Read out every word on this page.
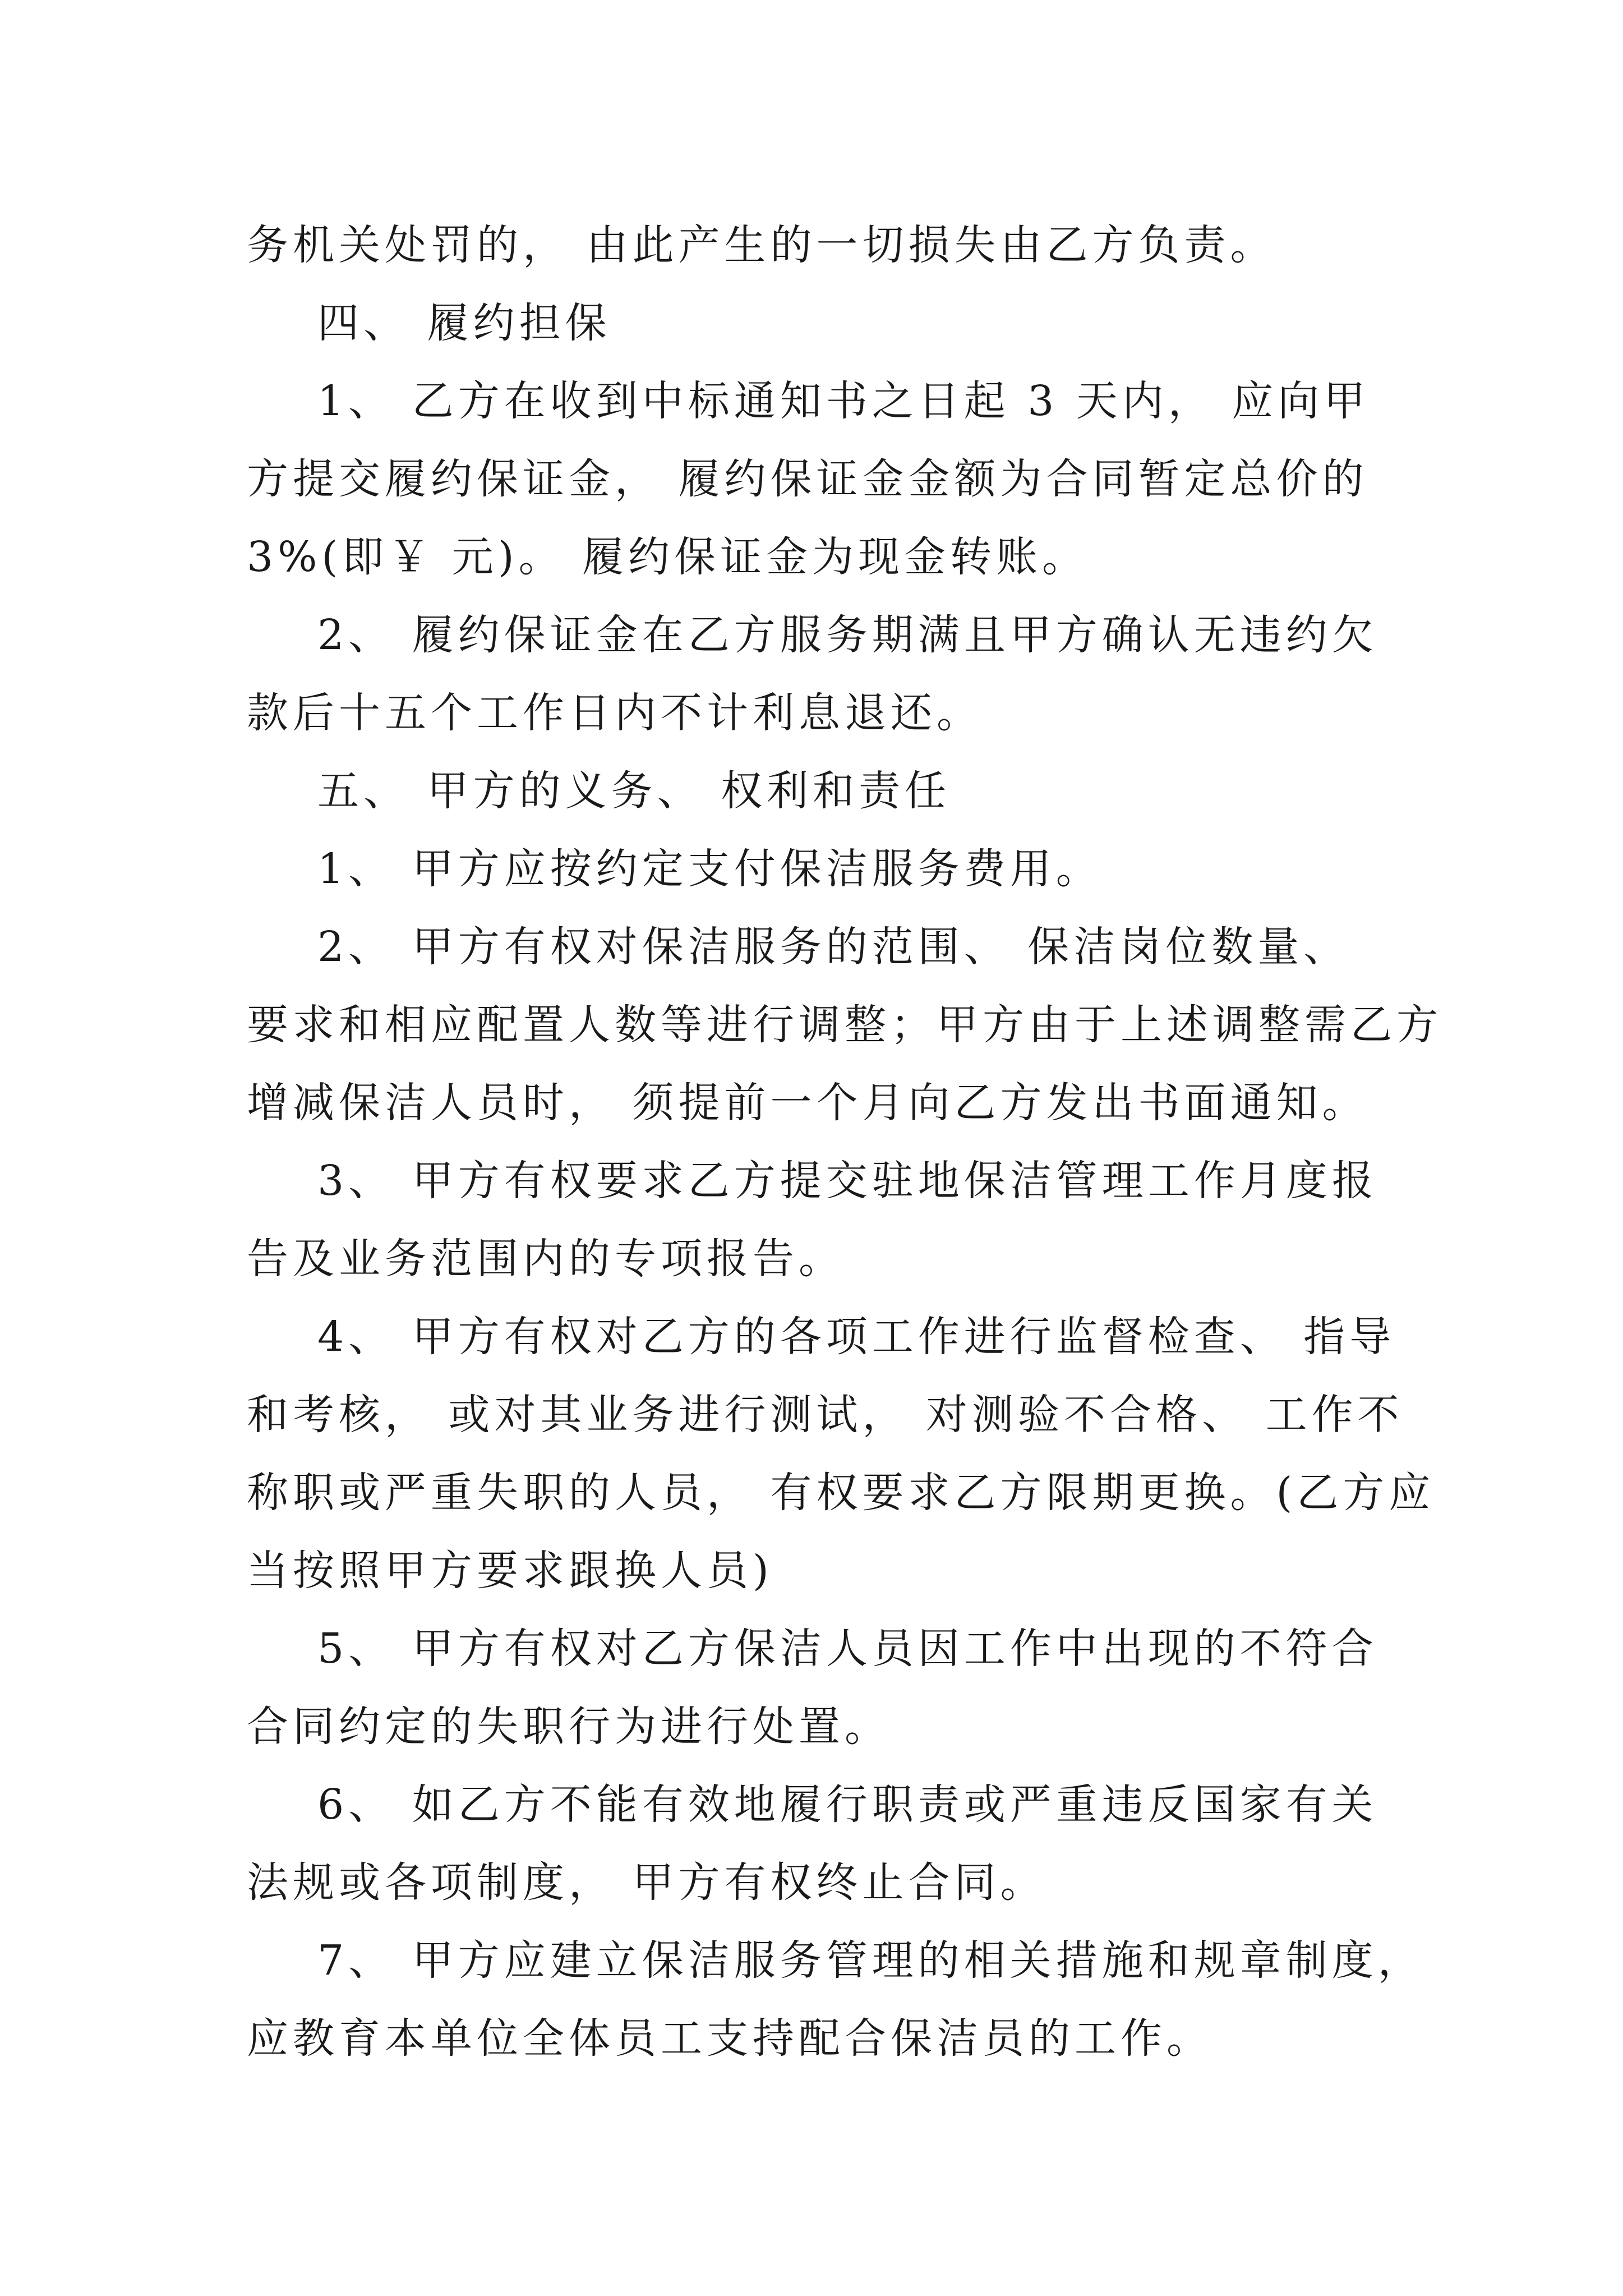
务机关处罚的， 由此产生的一切损失由乙方负责。
四、 履约担保
1、 乙方在收到中标通知书之日起 3 天内， 应向甲
方提交履约保证金， 履约保证金金额为合同暂定总价的
3%(即￥ 元)。 履约保证金为现金转账。
2、 履约保证金在乙方服务期满且甲方确认无违约欠
款后十五个工作日内不计利息退还。
五、 甲方的义务、 权利和责任
1、 甲方应按约定支付保洁服务费用。
2、 甲方有权对保洁服务的范围、 保洁岗位数量、
要求和相应配置人数等进行调整；甲方由于上述调整需乙方
增减保洁人员时， 须提前一个月向乙方发出书面通知。
3、 甲方有权要求乙方提交驻地保洁管理工作月度报
告及业务范围内的专项报告。
4、 甲方有权对乙方的各项工作进行监督检查、 指导
和考核， 或对其业务进行测试， 对测验不合格、 工作不
称职或严重失职的人员， 有权要求乙方限期更换。(乙方应
当按照甲方要求跟换人员)
5、 甲方有权对乙方保洁人员因工作中出现的不符合
合同约定的失职行为进行处置。
6、 如乙方不能有效地履行职责或严重违反国家有关
法规或各项制度， 甲方有权终止合同。
7、 甲方应建立保洁服务管理的相关措施和规章制度，
应教育本单位全体员工支持配合保洁员的工作。
